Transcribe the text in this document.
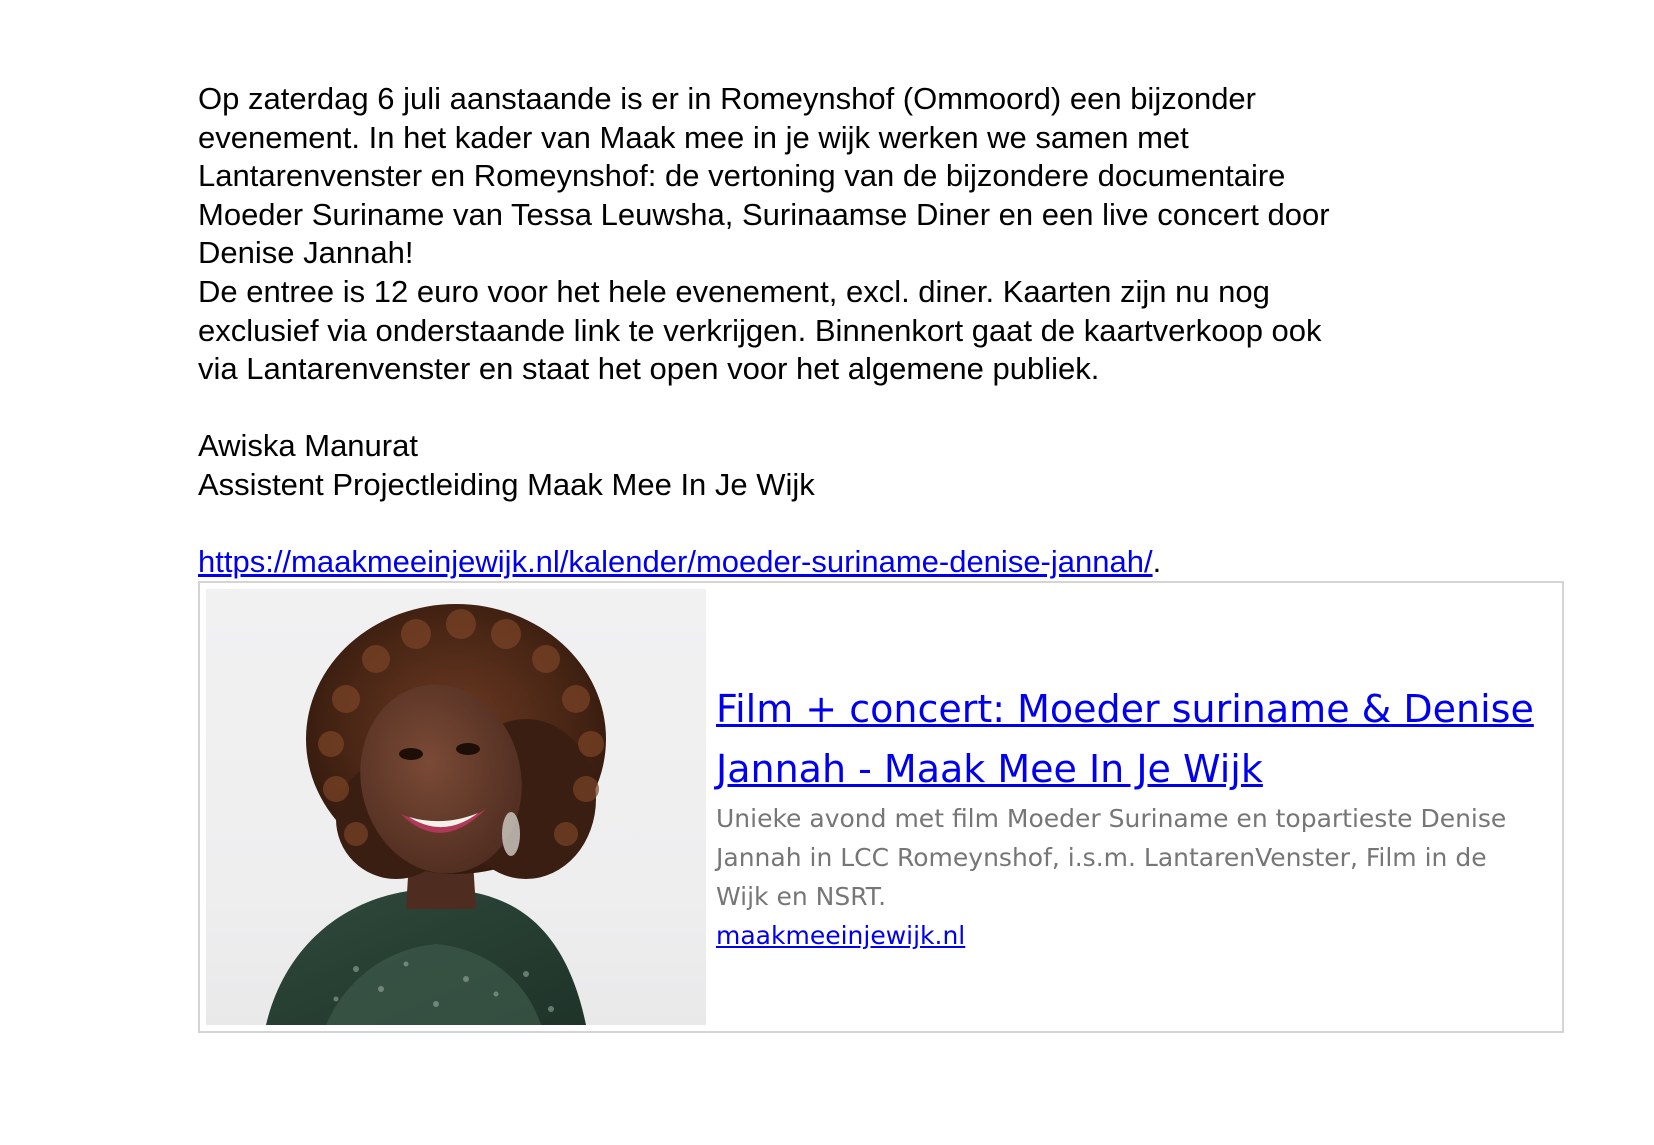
Op zaterdag 6 juli aanstaande is er in Romeynshof (Ommoord) een bijzonder
evenement. In het kader van Maak mee in je wijk werken we samen met
Lantarenvenster en Romeynshof: de vertoning van de bijzondere documentaire
Moeder Suriname van Tessa Leuwsha, Surinaamse Diner en een live concert door
Denise Jannah!
De entree is 12 euro voor het hele evenement, excl. diner. Kaarten zijn nu nog
exclusief via onderstaande link te verkrijgen. Binnenkort gaat de kaartverkoop ook
via Lantarenvenster en staat het open voor het algemene publiek.
Awiska Manurat
Assistent Projectleiding Maak Mee In Je Wijk
https://maakmeeinjewijk.nl/kalender/moeder-suriname-denise-jannah/.
Film + concert: Moeder suriname & Denise
Jannah - Maak Mee In Je Wijk
Unieke avond met film Moeder Suriname en topartieste Denise
Jannah in LCC Romeynshof, i.s.m. LantarenVenster, Film in de
Wijk en NSRT.
maakmeeinjewijk.nl
